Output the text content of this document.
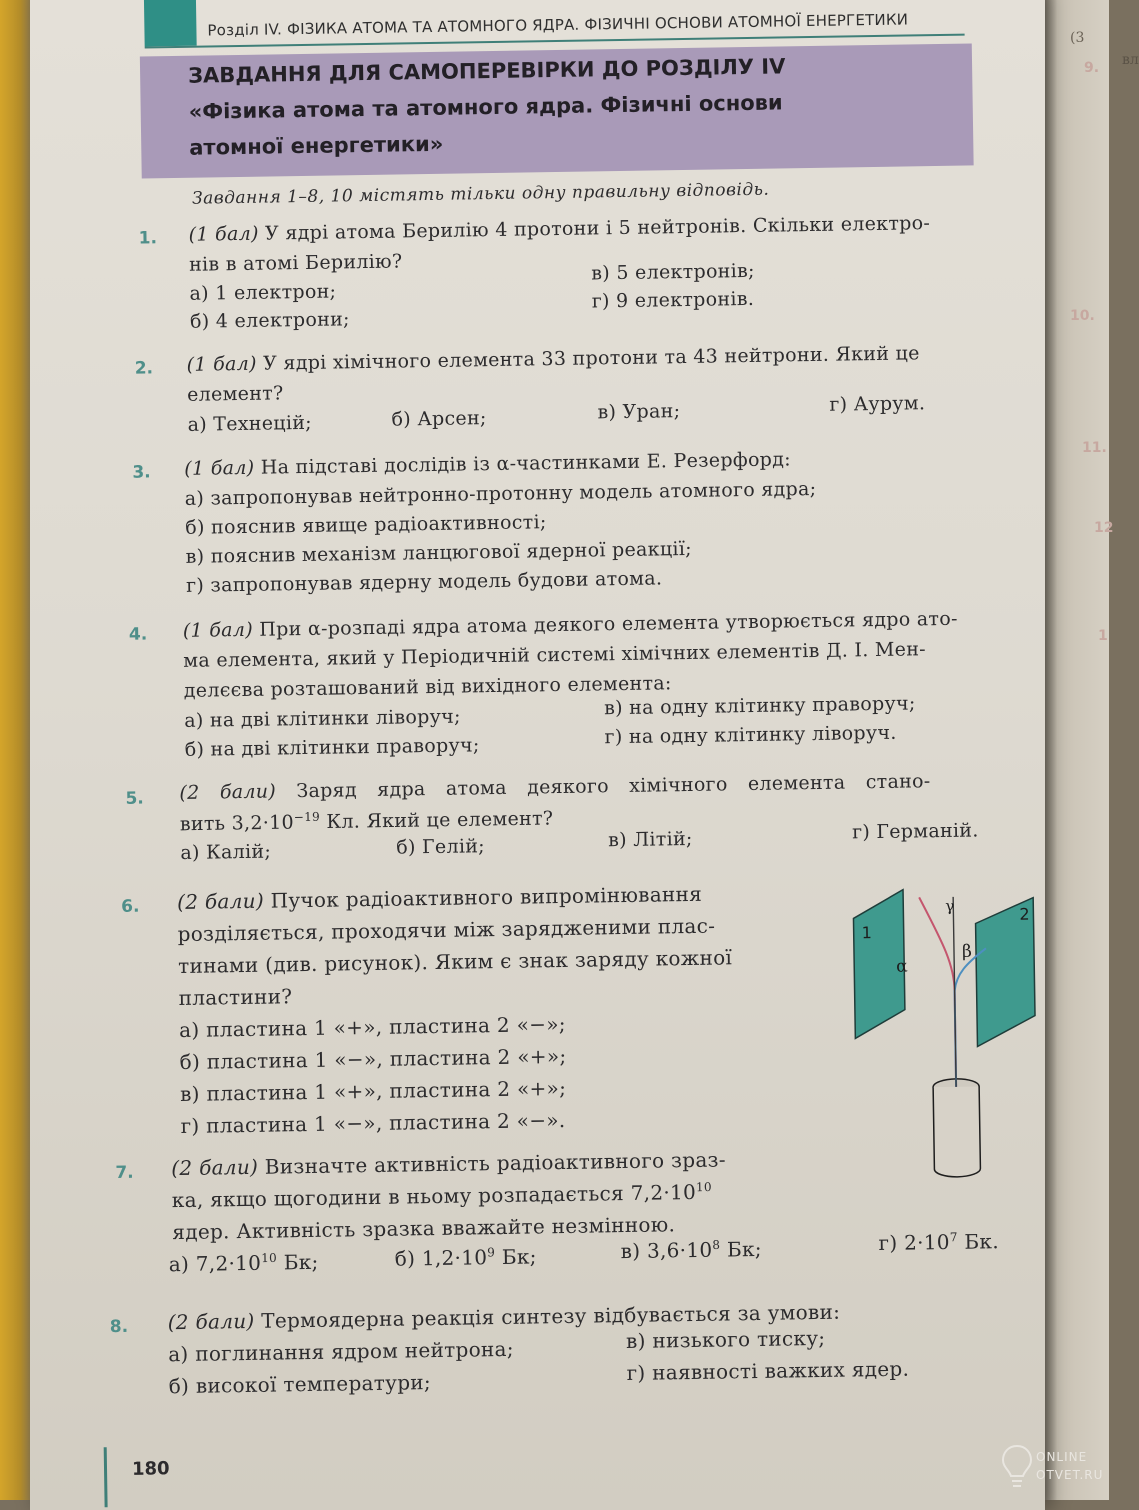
(3
9. вл
10.
11.
12
1
Розділ IV. ФІЗИКА АТОМА ТА АТОМНОГО ЯДРА. ФІЗИЧНІ ОСНОВИ АТОМНОЇ ЕНЕРГЕТИКИ
ЗАВДАННЯ ДЛЯ САМОПЕРЕВІРКИ ДО РОЗДІЛУ IV
«Фізика атома та атомного ядра. Фізичні основи
атомної енергетики»
Завдання 1–8, 10 містять тільки одну правильну відповідь.
1. (1 бал) У ядрі атома Берилію 4 протони і 5 нейтронів. Скільки електро-
нів в атомі Берилію?
а) 1 електрон;
б) 4 електрони;
в) 5 електронів;
г) 9 електронів.
2. (1 бал) У ядрі хімічного елемента 33 протони та 43 нейтрони. Який це
елемент?
а) Технецій;	б) Арсен;	в) Уран;	г) Аурум.
3. (1 бал) На підставі дослідів із α-частинками Е. Резерфорд:
а) запропонував нейтронно-протонну модель атомного ядра;
б) пояснив явище радіоактивності;
в) пояснив механізм ланцюгової ядерної реакції;
г) запропонував ядерну модель будови атома.
4. (1 бал) При α-розпаді ядра атома деякого елемента утворюється ядро ато-
ма елемента, який у Періодичній системі хімічних елементів Д. І. Мен-
делєєва розташований від вихідного елемента:
а) на дві клітинки ліворуч;
б) на дві клітинки праворуч;
в) на одну клітинку праворуч;
г) на одну клітинку ліворуч.
5. (2 бали) Заряд ядра атома деякого хімічного елемента стано-
вить $3,2\cdot 10^{-19}$ Кл. Який це елемент?
а) Калій;	б) Гелій;	в) Літій;	г) Германій.
6. (2 бали) Пучок радіоактивного випромінювання
розділяється, проходячи між зарядженими плас-
тинами (див. рисунок). Яким є знак заряду кожної
пластини?
а) пластина 1 «+», пластина 2 «−»;
б) пластина 1 «−», пластина 2 «+»;
в) пластина 1 «+», пластина 2 «+»;
г) пластина 1 «−», пластина 2 «−».
1
2
α
β
γ
7. (2 бали) Визначте активність радіоактивного зраз-
ка, якщо щогодини в ньому розпадається $7,2\cdot 10^{10}$
ядер. Активність зразка вважайте незмінною.
а) $7,2\cdot 10^{10}$ Бк;	б) $1,2\cdot 10^9$ Бк;	в) $3,6\cdot 10^8$ Бк;	г) $2\cdot 10^7$ Бк.
8. (2 бали) Термоядерна реакція синтезу відбувається за умови:
а) поглинання ядром нейтрона;
б) високої температури;
в) низького тиску;
г) наявності важких ядер.
180
ONLINE
OTVET.RU
